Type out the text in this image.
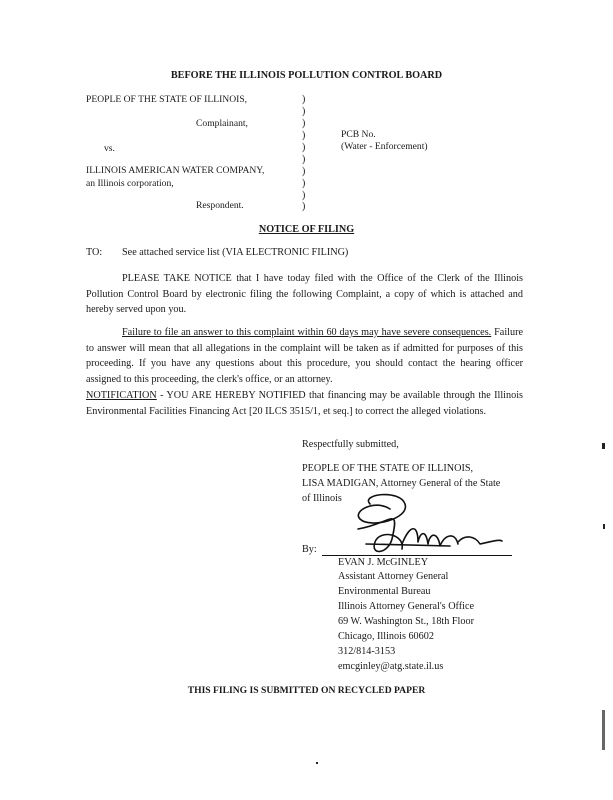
BEFORE THE ILLINOIS POLLUTION CONTROL BOARD
PEOPLE OF THE STATE OF ILLINOIS,
Complainant,
vs.
ILLINOIS AMERICAN WATER COMPANY,
an Illinois corporation,
Respondent.
)
)
)
)
)
)
)
)
)
)
PCB No.
(Water - Enforcement)
NOTICE OF FILING
TO: See attached service list (VIA ELECTRONIC FILING)
PLEASE TAKE NOTICE that I have today filed with the Office of the Clerk of the Illinois Pollution Control Board by electronic filing the following Complaint, a copy of which is attached and hereby served upon you.
Failure to file an answer to this complaint within 60 days may have severe consequences. Failure to answer will mean that all allegations in the complaint will be taken as if admitted for purposes of this proceeding. If you have any questions about this procedure, you should contact the hearing officer assigned to this proceeding, the clerk's office, or an attorney.
NOTIFICATION - YOU ARE HEREBY NOTIFIED that financing may be available through the Illinois Environmental Facilities Financing Act [20 ILCS 3515/1, et seq.] to correct the alleged violations.
Respectfully submitted,
PEOPLE OF THE STATE OF ILLINOIS,
LISA MADIGAN, Attorney General of the State
of Illinois
By:
EVAN J. McGINLEY
Assistant Attorney General
Environmental Bureau
Illinois Attorney General's Office
69 W. Washington St., 18th Floor
Chicago, Illinois 60602
312/814-3153
emcginley@atg.state.il.us
THIS FILING IS SUBMITTED ON RECYCLED PAPER
